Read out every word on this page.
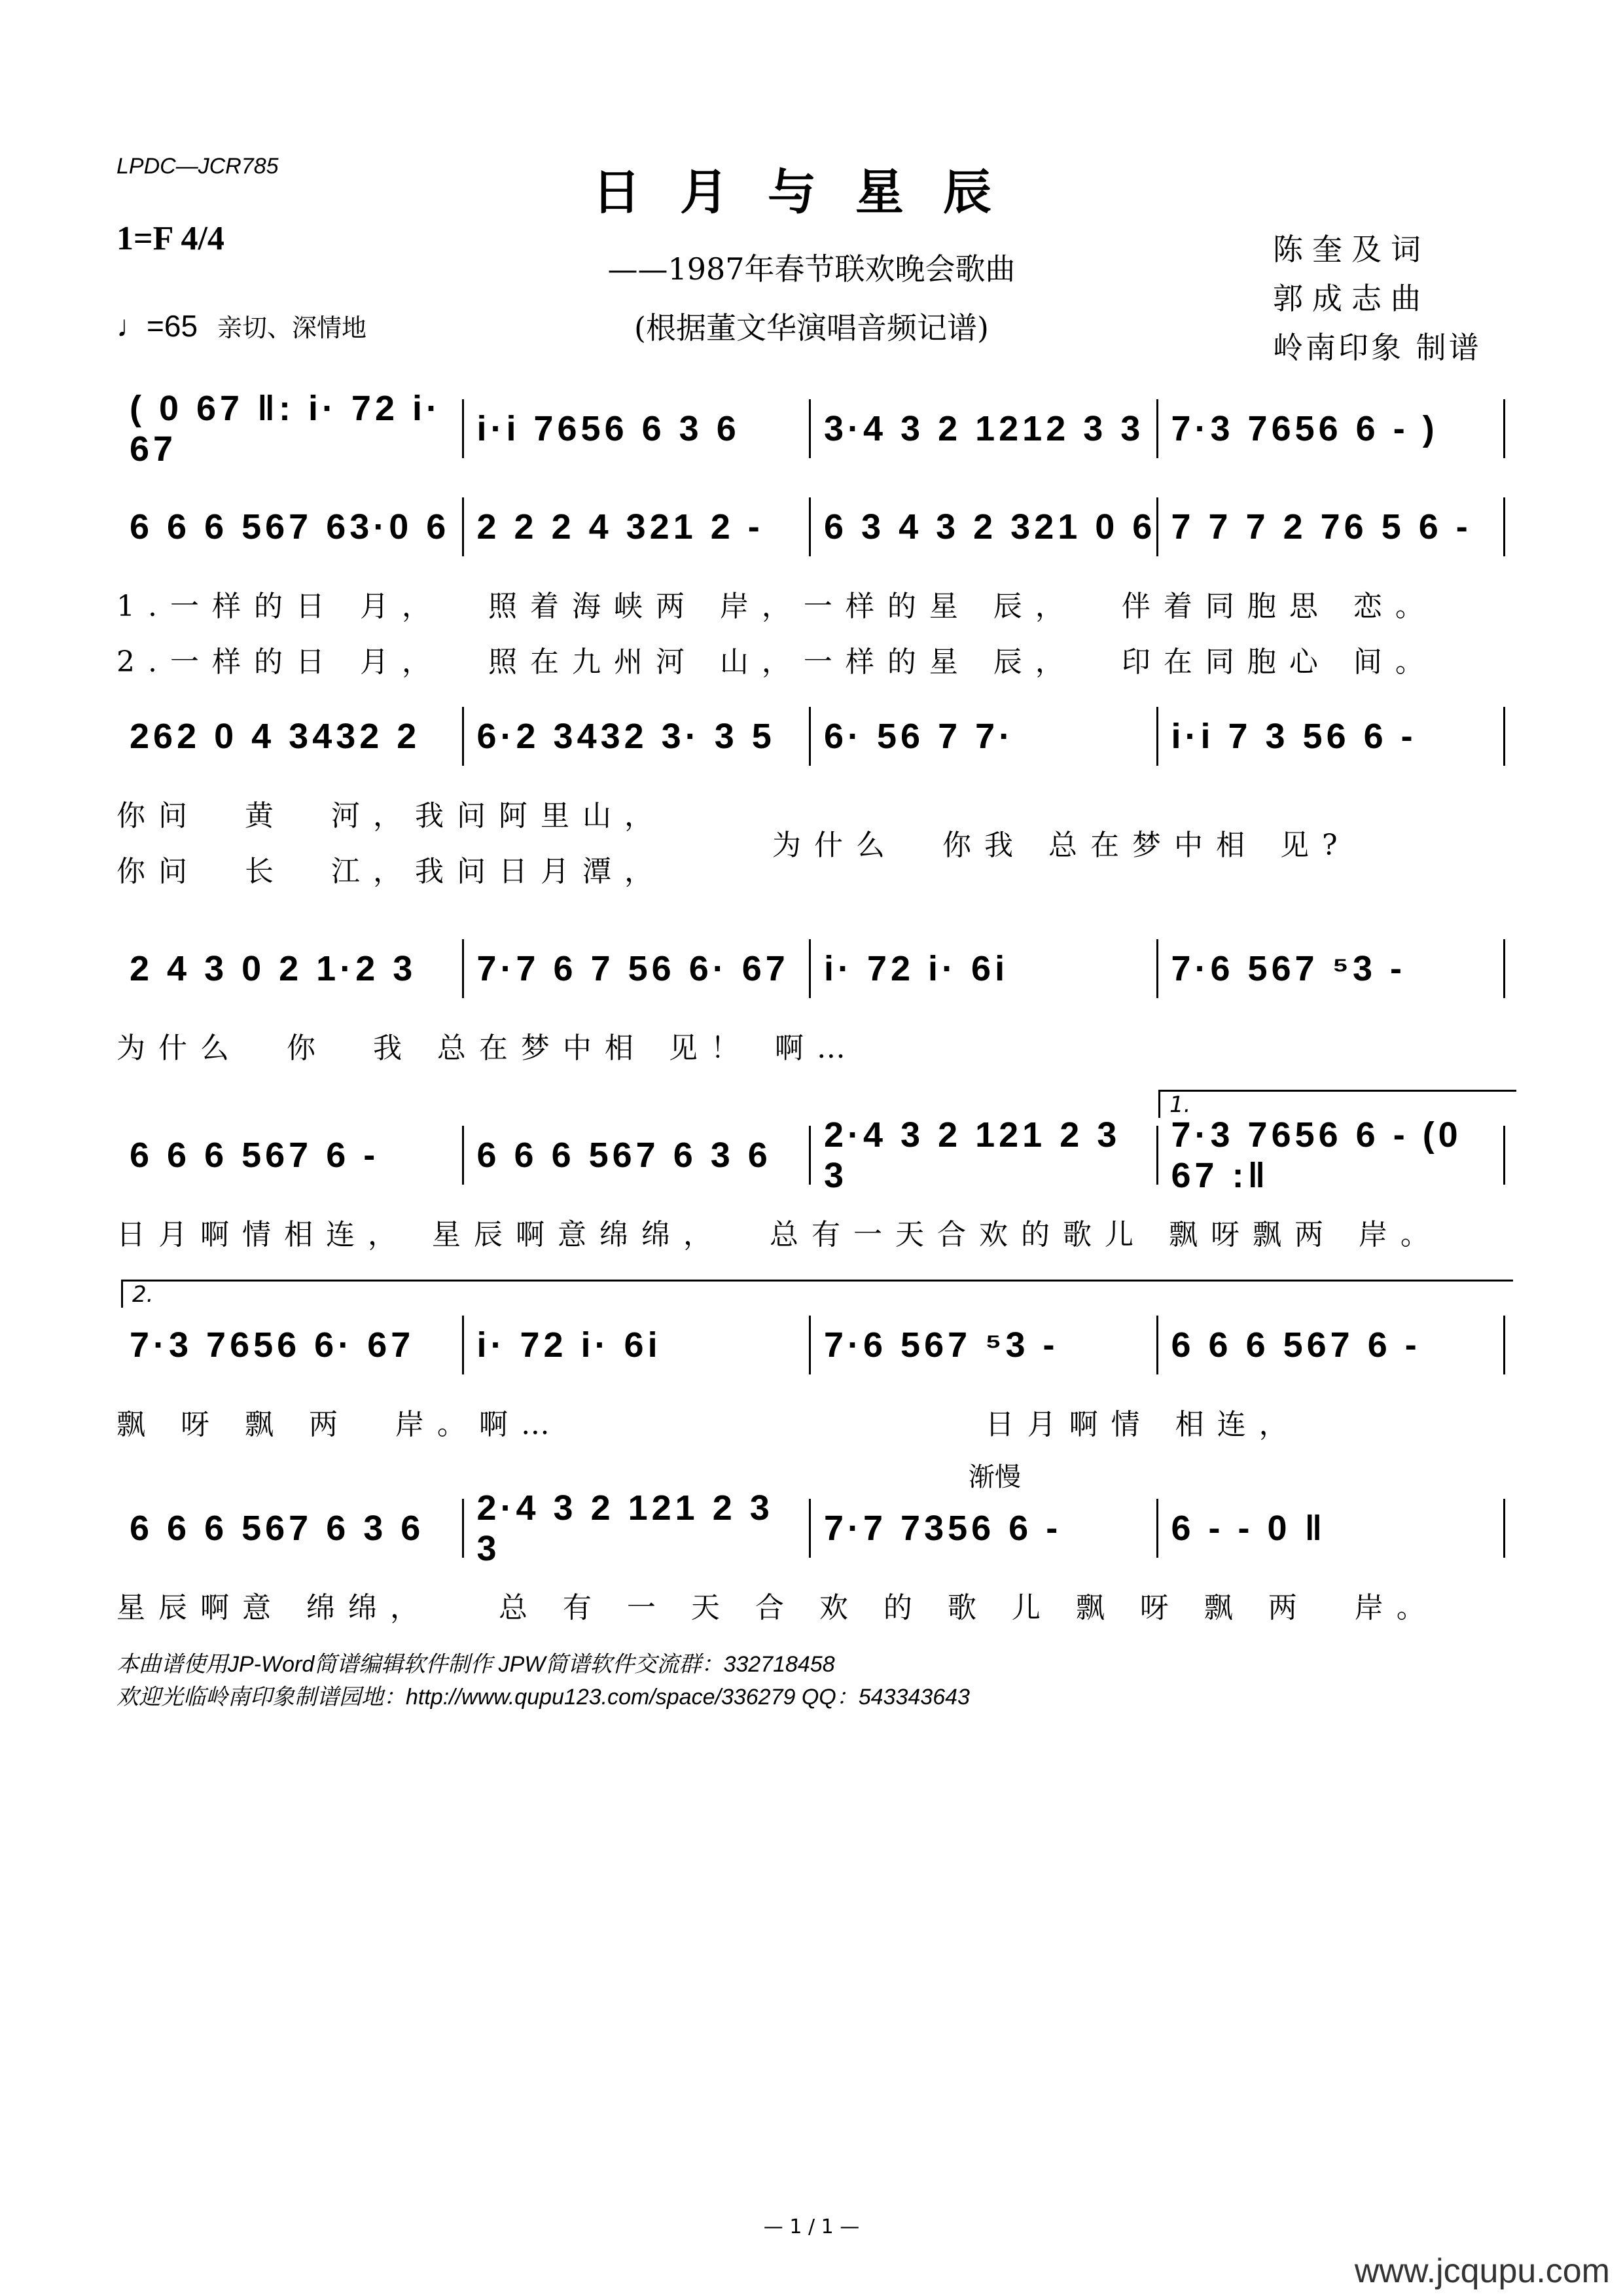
LPDC—JCR785	日月与星辰
——1987年春节联欢晚会歌曲
(根据董文华演唱音频记谱)
1=F 4/4
♩=65 亲切、深情地
陈奎及词
郭成志曲
岭南印象 制谱
( 0 67 ‖: i· 72 i· 67
i·i 7656 6 3 6	3·4 3 2 1212 3 3 7·3 7656 6 - )
6 6 6 567 63·0 6 2 2 2 4 321 2 -	6 3 4 3 2 321 0 6 7 7 7 2 76 5 6 -
1.一样的日 月，  照着海峡两 岸，一样的星 辰，  伴着同胞思 恋。
2.一样的日 月，  照在九州河 山，一样的星 辰，  印在同胞心 间。
262 0 4 3432 2	6·2 3432 3· 3 5	6· 56 7 7·	i·i 7 3 56 6 -
你问  黄  河，我问阿里山，
你问  长  江，我问日月潭，
为什么  你我 总在梦中相 见?
2 4 3 0 2 1·2 3	7·7 6 7 56 6· 67 i· 72 i· 6i	7·6 567 ⁵3 -
为什么  你  我 总在梦中相 见！ 啊…
6 6 6 567 6 -	6 6 6 567 6 3 6
2·4 3 2 121 2 3 3
7·3 7656 6 - (0 67 :‖
日月啊情相连， 星辰啊意绵绵，  总有一天合欢的歌儿 飘呀飘两 岸。
1.
7·3 7656 6· 67	i· 72 i· 6i	7·6 567 ⁵3 -	6 6 6 567 6 -
飘 呀 飘 两  岸。啊…                   日月啊情 相连，
2.
6 6 6 567 6 3 6
2·4 3 2 121 2 3 3
7·7 7356 6 -	6 - - 0 ‖
星辰啊意 绵绵，   总 有 一 天 合 欢 的 歌 儿 飘 呀 飘 两  岸。
渐慢
本曲谱使用JP-Word简谱编辑软件制作 JPW简谱软件交流群：332718458
欢迎光临岭南印象制谱园地：http://www.qupu123.com/space/336279 QQ：543343643
— 1 / 1 —
www.jcqupu.com
